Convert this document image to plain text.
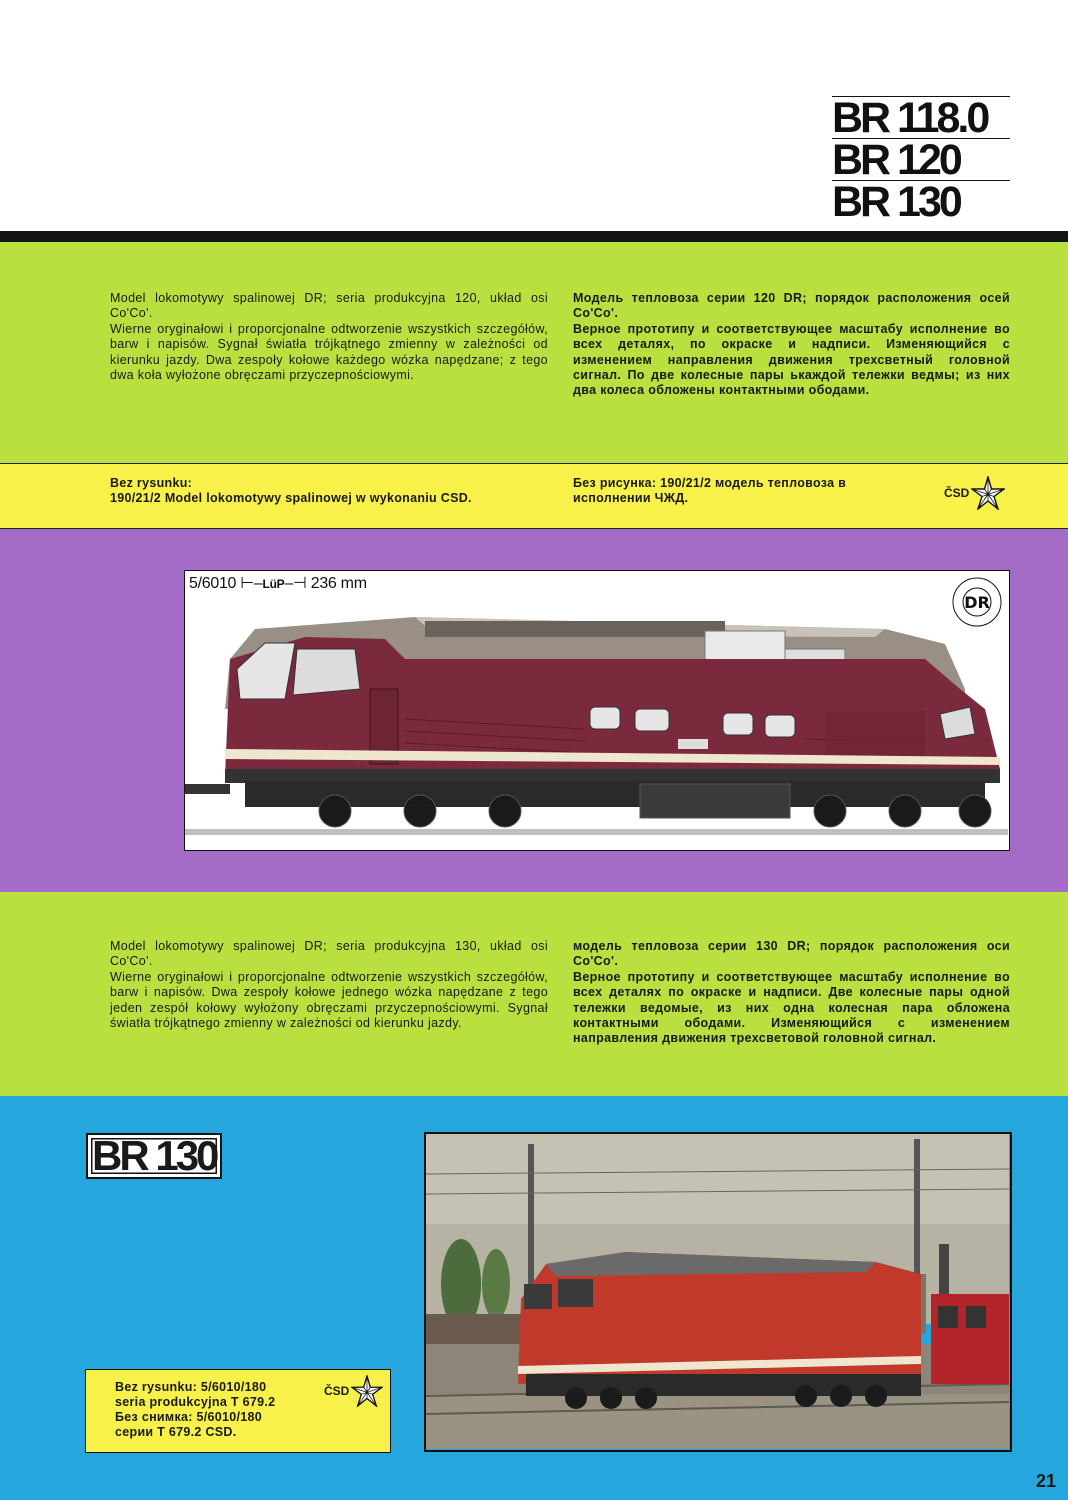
BR 118.0
BR 120
BR 130

Model lokomotywy spalinowej DR; seria produkcyjna 120, układ osi Co'Co'.

Wierne oryginałowi i proporcjonalne odtworzenie wszystkich szczegółów, barw i napisów. Sygnał światła trójkątnego zmienny w zależności od kierunku jazdy. Dwa zespoły kołowe każdego wózka napędzane; z tego dwa koła wyłożone obręczami przyczepnościowymi.

Модель тепловоза серии 120 DR; порядок расположения осей Co'Co'.

Верное прототипу и соответствующее масштабу исполнение во всех деталях, по окраске и надписи. Изменяющийся с изменением направления движения трехсветный головной сигнал. По две колесные пары ькаждой тележки ведмы; из них два колеса обложены контактными ободами.

Bez rysunku:
190/21/2 Model lokomotywy spalinowej w wykonaniu CSD.
Без рисунка: 190/21/2 модель тепловоза в исполнении ЧЖД.	ČSD
5/6010 ⊢–LüP–⊣ 236 mm
DR

Model lokomotywy spalinowej DR; seria produkcyjna 130, układ osi Co'Co'.

Wierne oryginałowi i proporcjonalne odtworzenie wszystkich szczegółów, barw i napisów. Dwa zespoły kołowe jednego wózka napędzane z tego jeden zespół kołowy wyłożony obręczami przyczepnościowymi. Sygnał światła trójkątnego zmienny w zależności od kierunku jazdy.

модель тепловоза серии 130 DR; порядок расположения оси Co'Co'.

Верное прототипу и соответствующее масштабу исполнение во всех деталях по окраске и надписи. Две колесные пары одной тележки ведомые, из них одна колесная пара обложена контактными ободами. Изменяющийся с изменением направления движения трехсветовой головной сигнал.

BR 130
Bez rysunku: 5/6010/180
seria produkcyjna T 679.2
Без снимка: 5/6010/180
серии T 679.2 CSD.
ČSD
21
